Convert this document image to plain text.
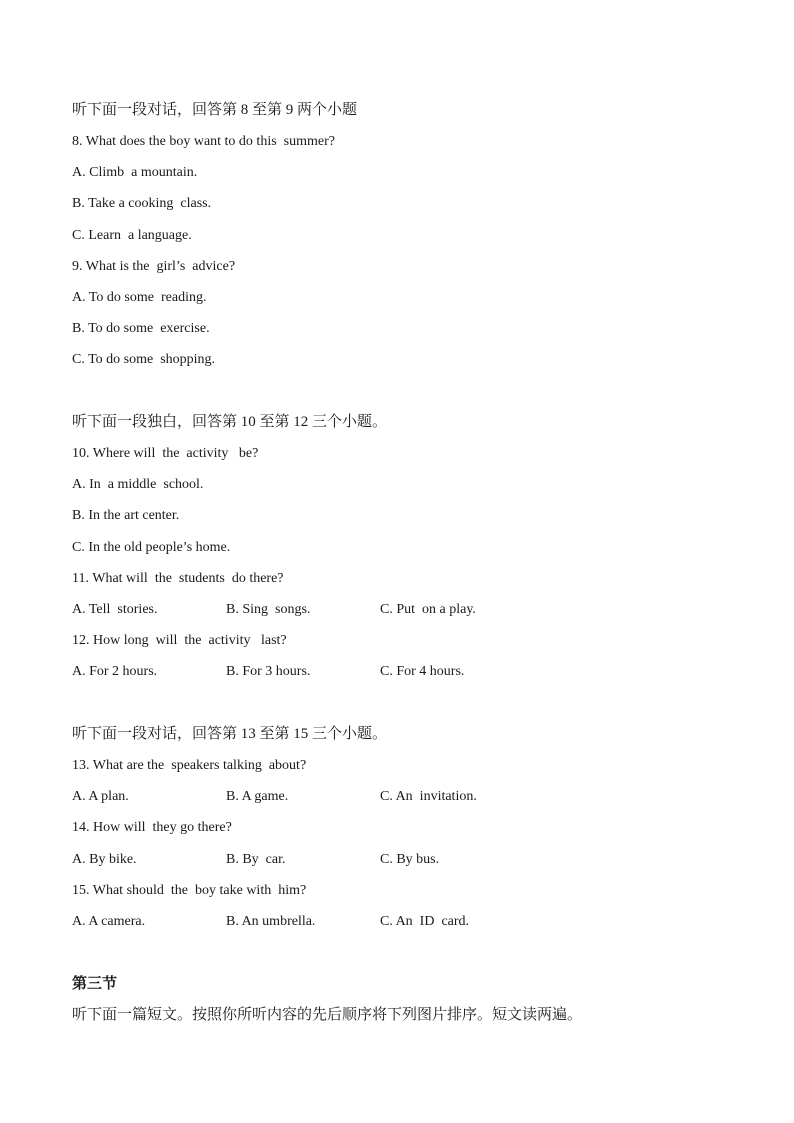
听下面一段对话，回答第 8 至第 9 两个小题
8. What does the boy want to do this  summer?
A. Climb  a mountain.
B. Take a cooking  class.
C. Learn  a language.
9. What is the  girl’s  advice?
A. To do some  reading.
B. To do some  exercise.
C. To do some  shopping.
听下面一段独白，回答第 10 至第 12 三个小题。
10. Where will  the  activity   be?
A. In  a middle  school.
B. In the art center.
C. In the old people’s home.
11. What will  the  students  do there?
A. Tell  stories.	B. Sing  songs.	C. Put  on a play.
12. How long  will  the  activity   last?
A. For 2 hours.	B. For 3 hours.	C. For 4 hours.
听下面一段对话，回答第 13 至第 15 三个小题。
13. What are the  speakers talking  about?
A. A plan.	B. A game.	C. An  invitation.
14. How will  they go there?
A. By bike.	B. By  car.	C. By bus.
15. What should  the  boy take with  him?
A. A camera.	B. An umbrella.	C. An  ID  card.
第三节
听下面一篇短文。按照你所听内容的先后顺序将下列图片排序。短文读两遍。
